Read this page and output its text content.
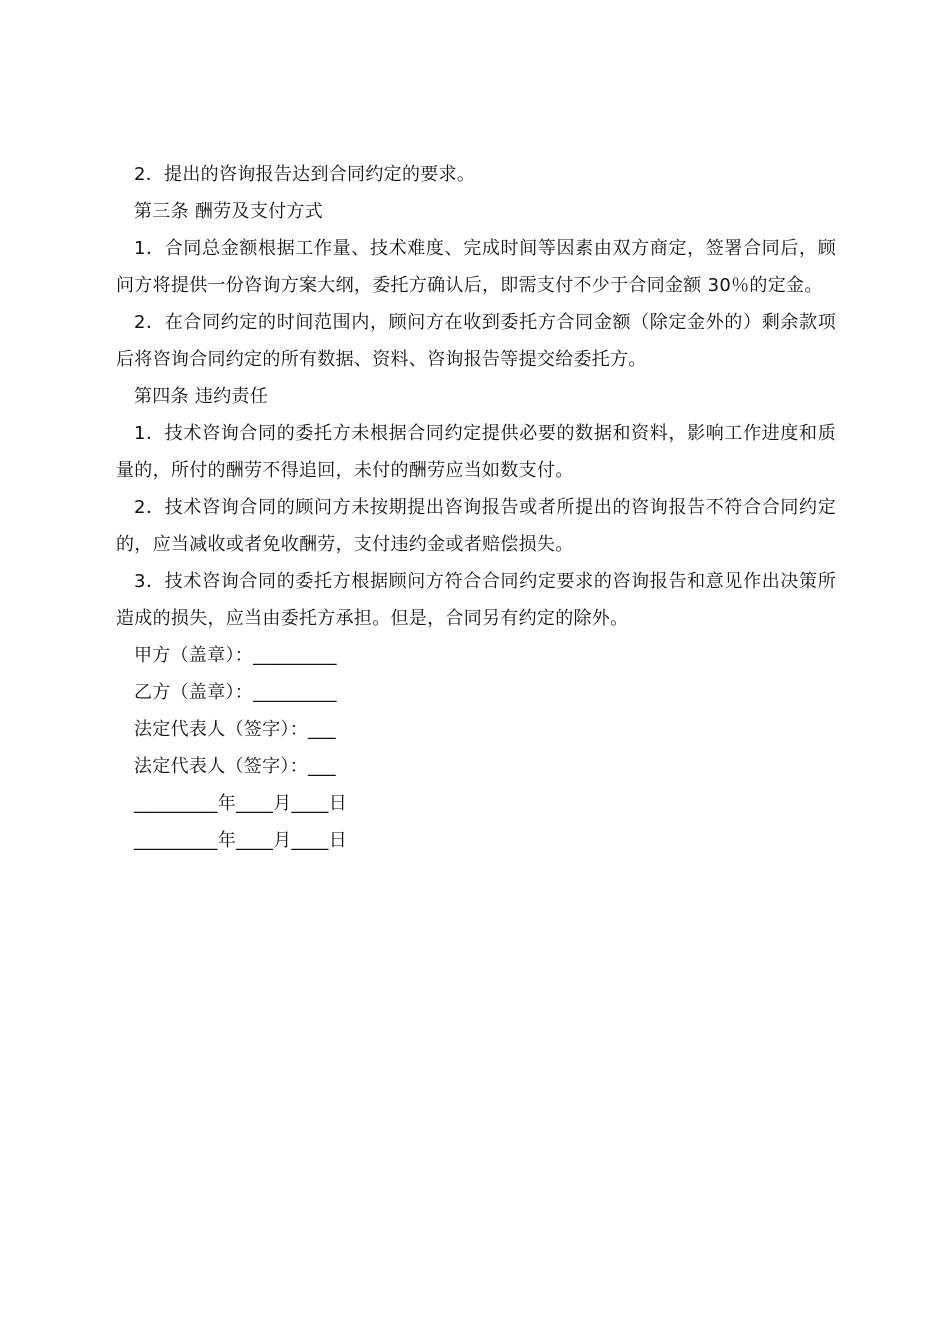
2．提出的咨询报告达到合同约定的要求。

第三条 酬劳及支付方式

1．合同总金额根据工作量、技术难度、完成时间等因素由双方商定，签署合同后，顾问方将提供一份咨询方案大纲，委托方确认后，即需支付不少于合同金额 30％的定金。

2．在合同约定的时间范围内，顾问方在收到委托方合同金额（除定金外的）剩余款项后将咨询合同约定的所有数据、资料、咨询报告等提交给委托方。

第四条 违约责任

1．技术咨询合同的委托方未根据合同约定提供必要的数据和资料，影响工作进度和质量的，所付的酬劳不得追回，未付的酬劳应当如数支付。

2．技术咨询合同的顾问方未按期提出咨询报告或者所提出的咨询报告不符合合同约定的，应当减收或者免收酬劳，支付违约金或者赔偿损失。

3．技术咨询合同的委托方根据顾问方符合合同约定要求的咨询报告和意见作出决策所造成的损失，应当由委托方承担。但是，合同另有约定的除外。

甲方（盖章）：_________

乙方（盖章）：_________

法定代表人（签字）：___

法定代表人（签字）：___

_________年____月____日

_________年____月____日
